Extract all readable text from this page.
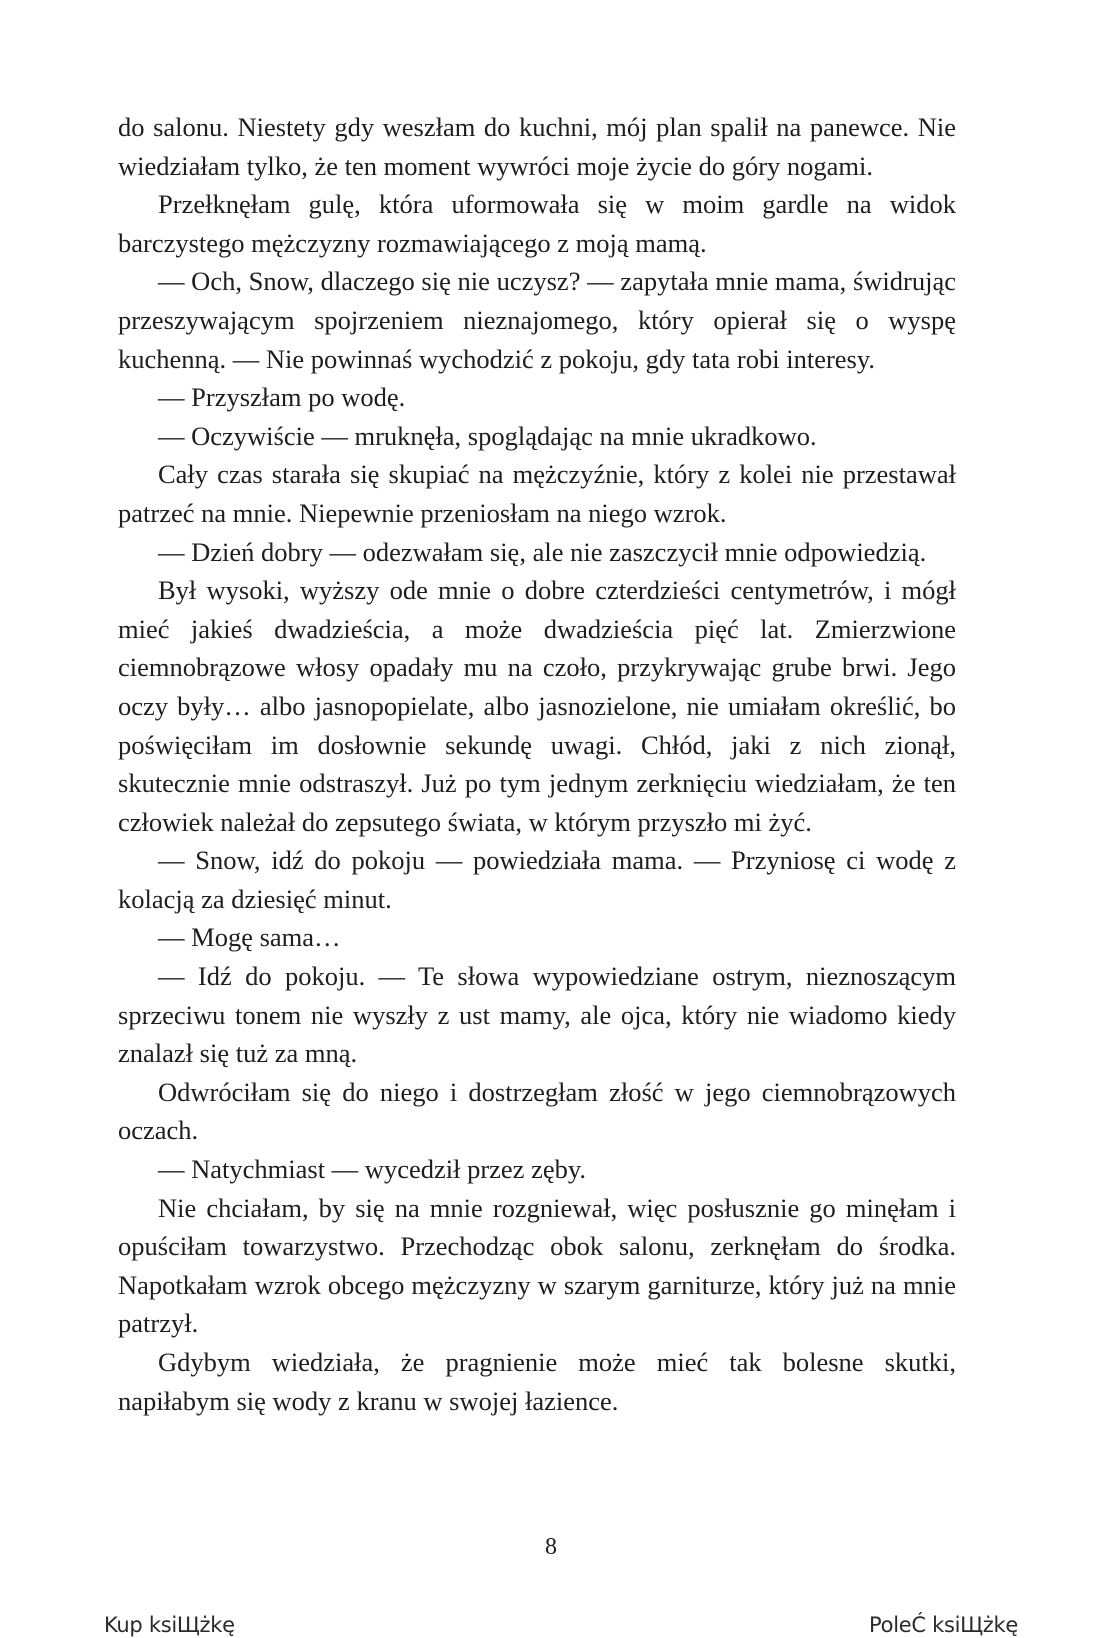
do salonu. Niestety gdy weszłam do kuchni, mój plan spalił na panewce. Nie wiedziałam tylko, że ten moment wywróci moje życie do góry nogami.

Przełknęłam gulę, która uformowała się w moim gardle na widok barczystego mężczyzny rozmawiającego z moją mamą.

— Och, Snow, dlaczego się nie uczysz? — zapytała mnie mama, świdrując przeszywającym spojrzeniem nieznajomego, który opierał się o wyspę kuchenną. — Nie powinnaś wychodzić z pokoju, gdy tata robi interesy.

— Przyszłam po wodę.

— Oczywiście — mruknęła, spoglądając na mnie ukradkowo.

Cały czas starała się skupiać na mężczyźnie, który z kolei nie przestawał patrzeć na mnie. Niepewnie przeniosłam na niego wzrok.

— Dzień dobry — odezwałam się, ale nie zaszczycił mnie odpowiedzią.

Był wysoki, wyższy ode mnie o dobre czterdzieści centymetrów, i mógł mieć jakieś dwadzieścia, a może dwadzieścia pięć lat. Zmierzwione ciemnobrązowe włosy opadały mu na czoło, przykrywając grube brwi. Jego oczy były… albo jasnopopielate, albo jasnozielone, nie umiałam określić, bo poświęciłam im dosłownie sekundę uwagi. Chłód, jaki z nich zionął, skutecznie mnie odstraszył. Już po tym jednym zerknięciu wiedziałam, że ten człowiek należał do zepsutego świata, w którym przyszło mi żyć.

— Snow, idź do pokoju — powiedziała mama. — Przyniosę ci wodę z kolacją za dziesięć minut.

— Mogę sama…

— Idź do pokoju. — Te słowa wypowiedziane ostrym, nieznoszącym sprzeciwu tonem nie wyszły z ust mamy, ale ojca, który nie wiadomo kiedy znalazł się tuż za mną.

Odwróciłam się do niego i dostrzegłam złość w jego ciemnobrązowych oczach.

— Natychmiast — wycedził przez zęby.

Nie chciałam, by się na mnie rozgniewał, więc posłusznie go minęłam i opuściłam towarzystwo. Przechodząc obok salonu, zerknęłam do środka. Napotkałam wzrok obcego mężczyzny w szarym garniturze, który już na mnie patrzył.

Gdybym wiedziała, że pragnienie może mieć tak bolesne skutki, napiłabym się wody z kranu w swojej łazience.

8
Kup ksiЩżkę	PoleĆ ksiЩżkę
